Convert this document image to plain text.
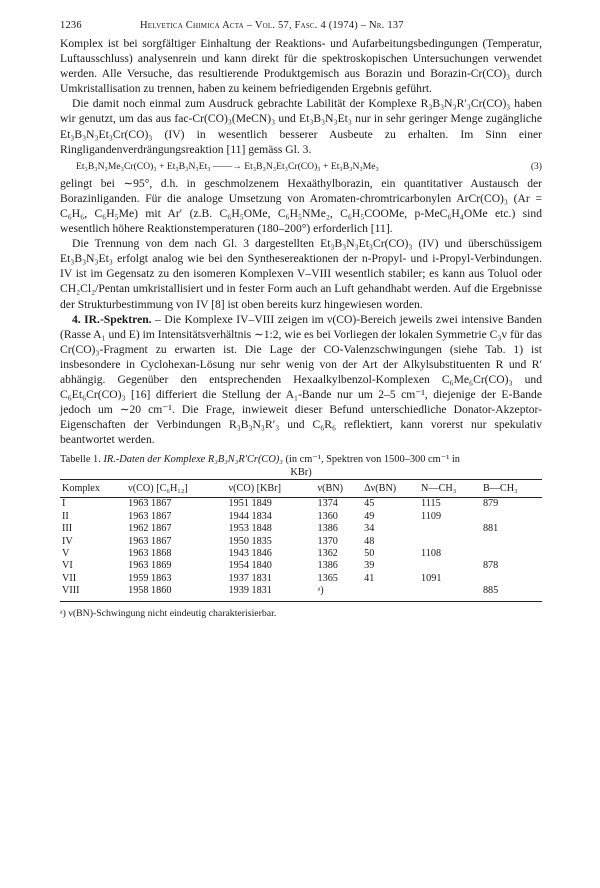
1236	Helvetica Chimica Acta – Vol. 57, Fasc. 4 (1974) – Nr. 137

Komplex ist bei sorgfältiger Einhaltung der Reaktions- und Aufarbeitungsbedingungen (Temperatur, Luftausschluss) analysenrein und kann direkt für die spektroskopischen Untersuchungen verwendet werden. Alle Versuche, das resultierende Produktgemisch aus Borazin und Borazin-Cr(CO)₃ durch Umkristallisation zu trennen, haben zu keinem befriedigenden Ergebnis geführt.

Die damit noch einmal zum Ausdruck gebrachte Labilität der Komplexe R₃B₃N₃R′₃Cr(CO)₃ haben wir genutzt, um das aus fac-Cr(CO)₃(MeCN)₃ und Et₃B₃N₃Et₃ nur in sehr geringer Menge zugängliche Et₃B₃N₃Et₃Cr(CO)₃ (IV) in wesentlich besserer Ausbeute zu erhalten. Im Sinn einer Ringligandenverdrängungsreaktion [11] gemäss Gl. 3.

Et₃B₃N₃Me₃Cr(CO)₃ + Et₃B₃N₃Et₃ ——→ Et₃B₃N₃Et₃Cr(CO)₃ + Et₃B₃N₃Me₃	(3)

gelingt bei ∼95°, d.h. in geschmolzenem Hexaäthylborazin, ein quantitativer Austausch der Borazinliganden. Für die analoge Umsetzung von Aromaten-chromtricarbonylen ArCr(CO)₃ (Ar = C₆H₆, C₆H₅Me) mit Ar′ (z.B. C₆H₅OMe, C₆H₅NMe₂, C₆H₅COOMe, p-MeC₆H₄OMe etc.) sind wesentlich höhere Reaktionstemperaturen (180–200°) erforderlich [11].

Die Trennung von dem nach Gl. 3 dargestellten Et₃B₃N₃Et₃Cr(CO)₃ (IV) und überschüssigem Et₃B₃N₃Et₃ erfolgt analog wie bei den Synthesereaktionen der n-Propyl- und i-Propyl-Verbindungen. IV ist im Gegensatz zu den isomeren Komplexen V–VIII wesentlich stabiler; es kann aus Toluol oder CH₂Cl₂/Pentan umkristallisiert und in fester Form auch an Luft gehandhabt werden. Auf die Ergebnisse der Strukturbestimmung von IV [8] ist oben bereits kurz hingewiesen worden.

4. IR.-Spektren. – Die Komplexe IV–VIII zeigen im ν(CO)-Bereich jeweils zwei intensive Banden (Rasse A₁ und E) im Intensitätsverhältnis ∼1:2, wie es bei Vorliegen der lokalen Symmetrie C₃v für das Cr(CO)₃-Fragment zu erwarten ist. Die Lage der CO-Valenzschwingungen (siehe Tab. 1) ist insbesondere in Cyclohexan-Lösung nur sehr wenig von der Art der Alkylsubstituenten R und R′ abhängig. Gegenüber den entsprechenden Hexaalkylbenzol-Komplexen C₆Me₆Cr(CO)₃ und C₆Et₆Cr(CO)₃ [16] differiert die Stellung der A₁-Bande nur um 2–5 cm⁻¹, diejenige der E-Bande jedoch um ∼20 cm⁻¹. Die Frage, inwieweit dieser Befund unterschiedliche Donator-Akzeptor-Eigenschaften der Verbindungen R₃B₃N₃R′₃ und C₆R₆ reflektiert, kann vorerst nur spekulativ beantwortet werden.

Tabelle 1. IR.-Daten der Komplexe R₃B₃N₃R′Cr(CO)₃ (in cm⁻¹, Spektren von 1500–300 cm⁻¹ in
KBr)
Komplex	ν(CO) [C₆H₁₂]	ν(CO) [KBr]	ν(BN)	Δν(BN)	N—CH₃	B—CH₃

I	1963 1867	1951 1849	1374	45	1115	879
II	1963 1867	1944 1834	1360	49	1109	
III	1962 1867	1953 1848	1386	34		881
IV	1963 1867	1950 1835	1370	48		
V	1963 1868	1943 1846	1362	50	1108	
VI	1963 1869	1954 1840	1386	39		878
VII	1959 1863	1937 1831	1365	41	1091	
VIII	1958 1860	1939 1831	ᵃ)			885
ᵃ) ν(BN)-Schwingung nicht eindeutig charakterisierbar.
